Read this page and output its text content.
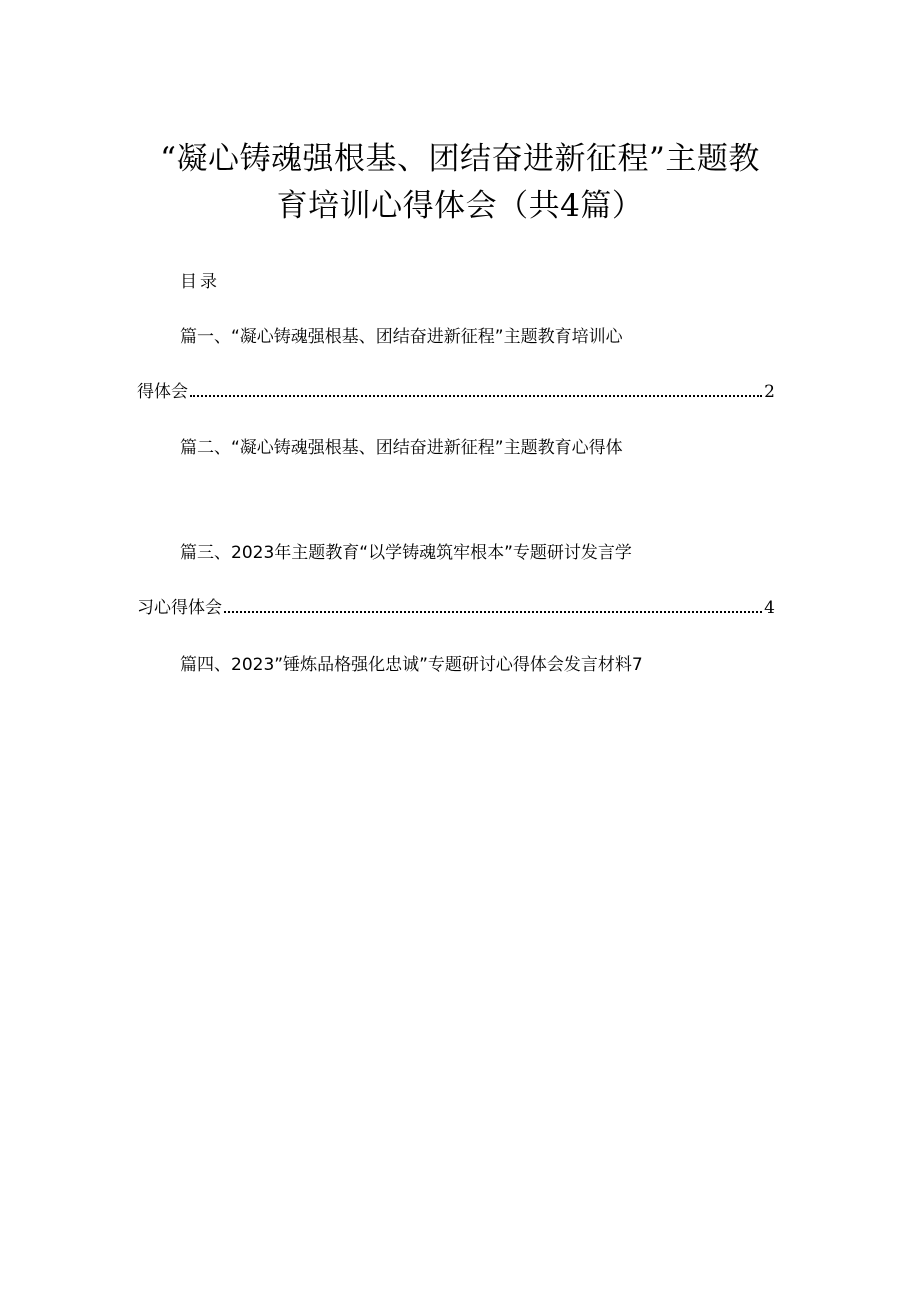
“凝心铸魂强根基、团结奋进新征程”主题教
育培训心得体会（共4篇）
目录
篇一、“凝心铸魂强根基、团结奋进新征程”主题教育培训心
得体会	2
篇二、“凝心铸魂强根基、团结奋进新征程”主题教育心得体
篇三、2023年主题教育“以学铸魂筑牢根本”专题研讨发言学
习心得体会	4
篇四、2023”锤炼品格强化忠诚”专题研讨心得体会发言材料7
